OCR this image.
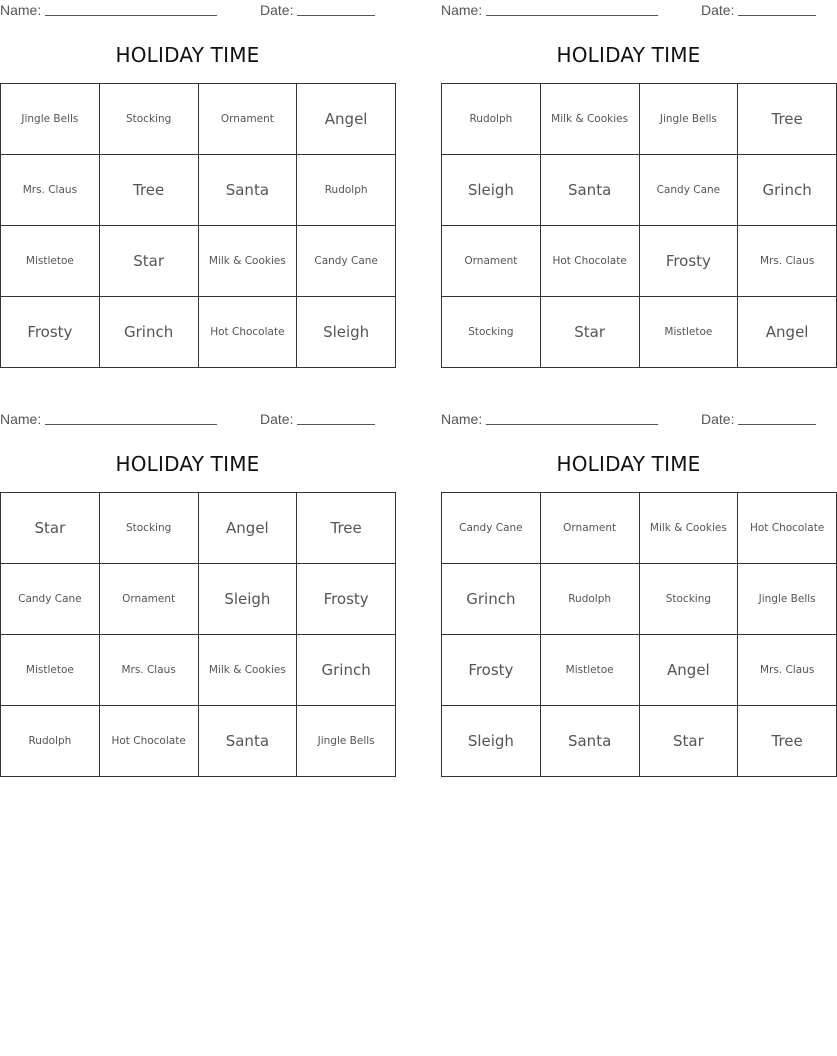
Name:	Date:
HOLIDAY TIME
Jingle Bells	Stocking	Ornament	Angel
Mrs. Claus	Tree	Santa	Rudolph
Mistletoe	Star	Milk & Cookies	Candy Cane
Frosty	Grinch	Hot Chocolate	Sleigh
Name:	Date:
HOLIDAY TIME
Rudolph	Milk & Cookies	Jingle Bells	Tree
Sleigh	Santa	Candy Cane	Grinch
Ornament	Hot Chocolate	Frosty	Mrs. Claus
Stocking	Star	Mistletoe	Angel
Name:	Date:
HOLIDAY TIME
Star	Stocking	Angel	Tree
Candy Cane	Ornament	Sleigh	Frosty
Mistletoe	Mrs. Claus	Milk & Cookies	Grinch
Rudolph	Hot Chocolate	Santa	Jingle Bells
Name:	Date:
HOLIDAY TIME
Candy Cane	Ornament	Milk & Cookies	Hot Chocolate
Grinch	Rudolph	Stocking	Jingle Bells
Frosty	Mistletoe	Angel	Mrs. Claus
Sleigh	Santa	Star	Tree
